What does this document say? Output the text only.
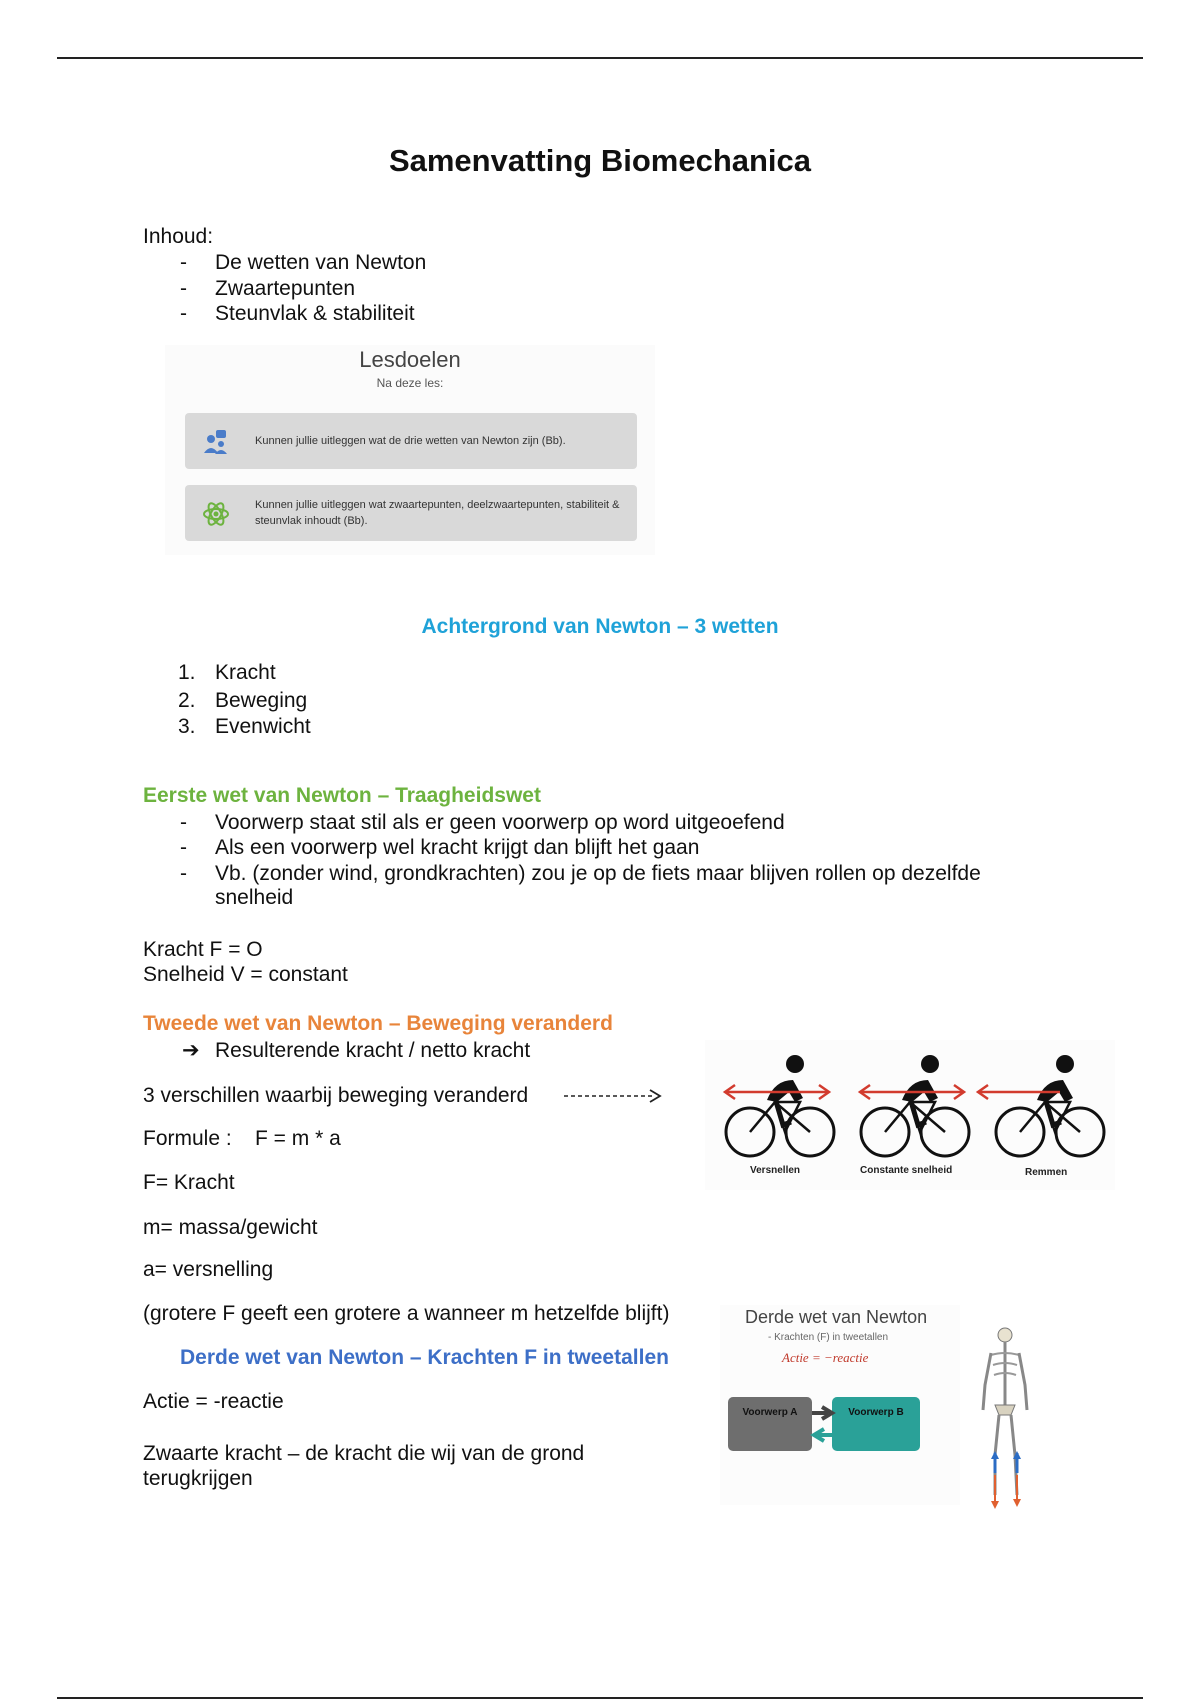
Samenvatting Biomechanica
Inhoud:
- De wetten van Newton
- Zwaartepunten
- Steunvlak & stabiliteit
Lesdoelen
Na deze les:
Kunnen jullie uitleggen wat de drie wetten van Newton zijn (Bb).
Kunnen jullie uitleggen wat zwaartepunten, deelzwaartepunten, stabiliteit & steunvlak inhoudt (Bb).
Achtergrond van Newton – 3 wetten
1. Kracht
2. Beweging
3. Evenwicht
Eerste wet van Newton – Traagheidswet
- Voorwerp staat stil als er geen voorwerp op word uitgeoefend
- Als een voorwerp wel kracht krijgt dan blijft het gaan
- Vb. (zonder wind, grondkrachten) zou je op de fiets maar blijven rollen op dezelfde
snelheid
Kracht F = O
Snelheid V = constant
Tweede wet van Newton – Beweging veranderd
➔ Resulterende kracht / netto kracht
3 verschillen waarbij beweging veranderd
Formule :    F = m * a
F= Kracht
m= massa/gewicht
a= versnelling
(grotere F geeft een grotere a wanneer m hetzelfde blijft)
Versnellen	Constante snelheid	Remmen
Derde wet van Newton – Krachten F in tweetallen
Actie = -reactie
Zwaarte kracht – de kracht die wij van de grond
terugkrijgen
Derde wet van Newton
- Krachten (F) in tweetallen
Actie = −reactie
Voorwerp A	Voorwerp B
